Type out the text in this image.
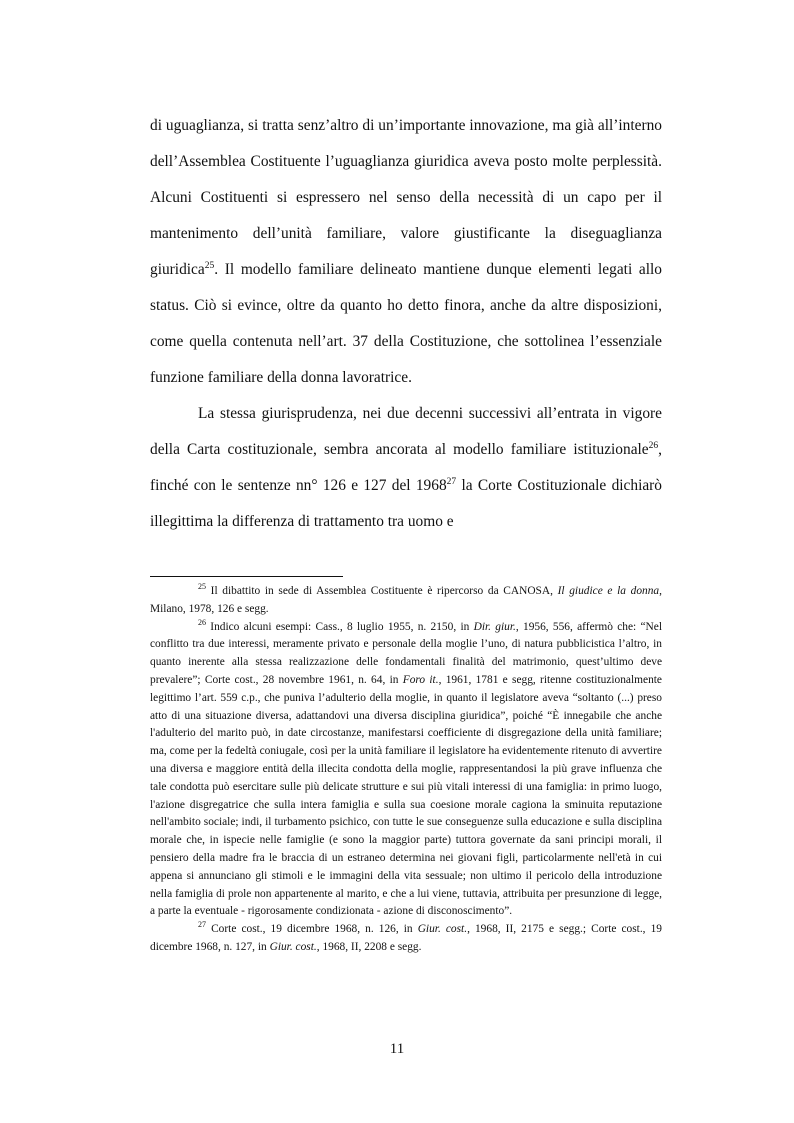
di uguaglianza, si tratta senz’altro di un’importante innovazione, ma già all’interno dell’Assemblea Costituente l’uguaglianza giuridica aveva posto molte perplessità. Alcuni Costituenti si espressero nel senso della necessità di un capo per il mantenimento dell’unità familiare, valore giustificante la diseguaglianza giuridica$^{25}$. Il modello familiare delineato mantiene dunque elementi legati allo status. Ciò si evince, oltre da quanto ho detto finora, anche da altre disposizioni, come quella contenuta nell’art. 37 della Costituzione, che sottolinea l’essenziale funzione familiare della donna lavoratrice.

La stessa giurisprudenza, nei due decenni successivi all’entrata in vigore della Carta costituzionale, sembra ancorata al modello familiare istituzionale$^{26}$, finché con le sentenze nn° 126 e 127 del 1968$^{27}$ la Corte Costituzionale dichiarò illegittima la differenza di trattamento tra uomo e

$^{25}$ Il dibattito in sede di Assemblea Costituente è ripercorso da CANOSA, Il giudice e la donna, Milano, 1978, 126 e segg.

$^{26}$ Indico alcuni esempi: Cass., 8 luglio 1955, n. 2150, in Dir. giur., 1956, 556, affermò che: “Nel conflitto tra due interessi, meramente privato e personale della moglie l’uno, di natura pubblicistica l’altro, in quanto inerente alla stessa realizzazione delle fondamentali finalità del matrimonio, quest’ultimo deve prevalere”; Corte cost., 28 novembre 1961, n. 64, in Foro it., 1961, 1781 e segg, ritenne costituzionalmente legittimo l’art. 559 c.p., che puniva l’adulterio della moglie, in quanto il legislatore aveva “soltanto (...) preso atto di una situazione diversa, adattandovi una diversa disciplina giuridica”, poiché “È innegabile che anche l'adulterio del marito può, in date circostanze, manifestarsi coefficiente di disgregazione della unità familiare; ma, come per la fedeltà coniugale, così per la unità familiare il legislatore ha evidentemente ritenuto di avvertire una diversa e maggiore entità della illecita condotta della moglie, rappresentandosi la più grave influenza che tale condotta può esercitare sulle più delicate strutture e sui più vitali interessi di una famiglia: in primo luogo, l'azione disgregatrice che sulla intera famiglia e sulla sua coesione morale cagiona la sminuita reputazione nell'ambito sociale; indi, il turbamento psichico, con tutte le sue conseguenze sulla educazione e sulla disciplina morale che, in ispecie nelle famiglie (e sono la maggior parte) tuttora governate da sani principi morali, il pensiero della madre fra le braccia di un estraneo determina nei giovani figli, particolarmente nell'età in cui appena si annunciano gli stimoli e le immagini della vita sessuale; non ultimo il pericolo della introduzione nella famiglia di prole non appartenente al marito, e che a lui viene, tuttavia, attribuita per presunzione di legge, a parte la eventuale - rigorosamente condizionata - azione di disconoscimento”.

$^{27}$ Corte cost., 19 dicembre 1968, n. 126, in Giur. cost., 1968, II, 2175 e segg.; Corte cost., 19 dicembre 1968, n. 127, in Giur. cost., 1968, II, 2208 e segg.

11
